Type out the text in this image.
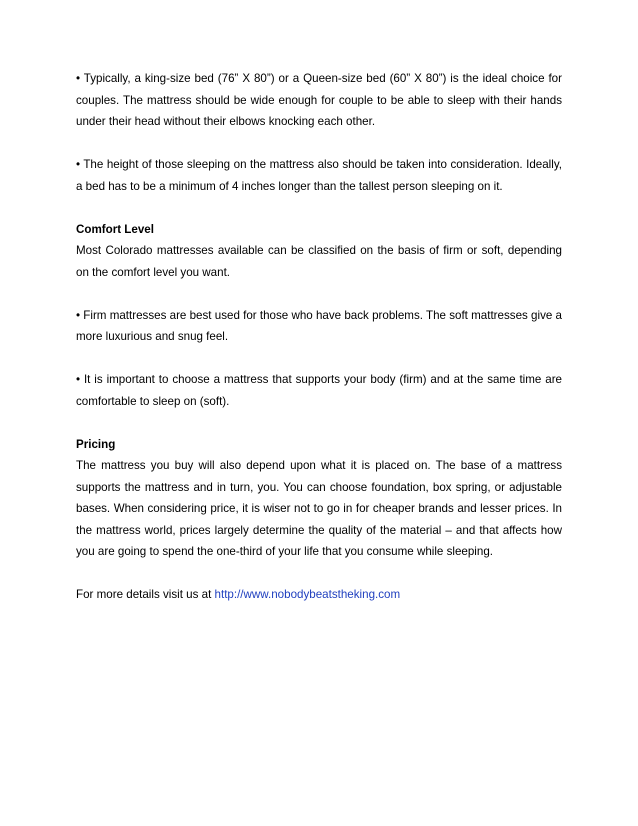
• Typically, a king-size bed (76” X 80”) or a Queen-size bed (60” X 80”) is the ideal choice for couples. The mattress should be wide enough for couple to be able to sleep with their hands under their head without their elbows knocking each other.

• The height of those sleeping on the mattress also should be taken into consideration. Ideally, a bed has to be a minimum of 4 inches longer than the tallest person sleeping on it.

Comfort Level

Most Colorado mattresses available can be classified on the basis of firm or soft, depending on the comfort level you want.

• Firm mattresses are best used for those who have back problems. The soft mattresses give a more luxurious and snug feel.

• It is important to choose a mattress that supports your body (firm) and at the same time are comfortable to sleep on (soft).

Pricing

The mattress you buy will also depend upon what it is placed on. The base of a mattress supports the mattress and in turn, you. You can choose foundation, box spring, or adjustable bases. When considering price, it is wiser not to go in for cheaper brands and lesser prices. In the mattress world, prices largely determine the quality of the material – and that affects how you are going to spend the one-third of your life that you consume while sleeping.

For more details visit us at http://www.nobodybeatstheking.com
